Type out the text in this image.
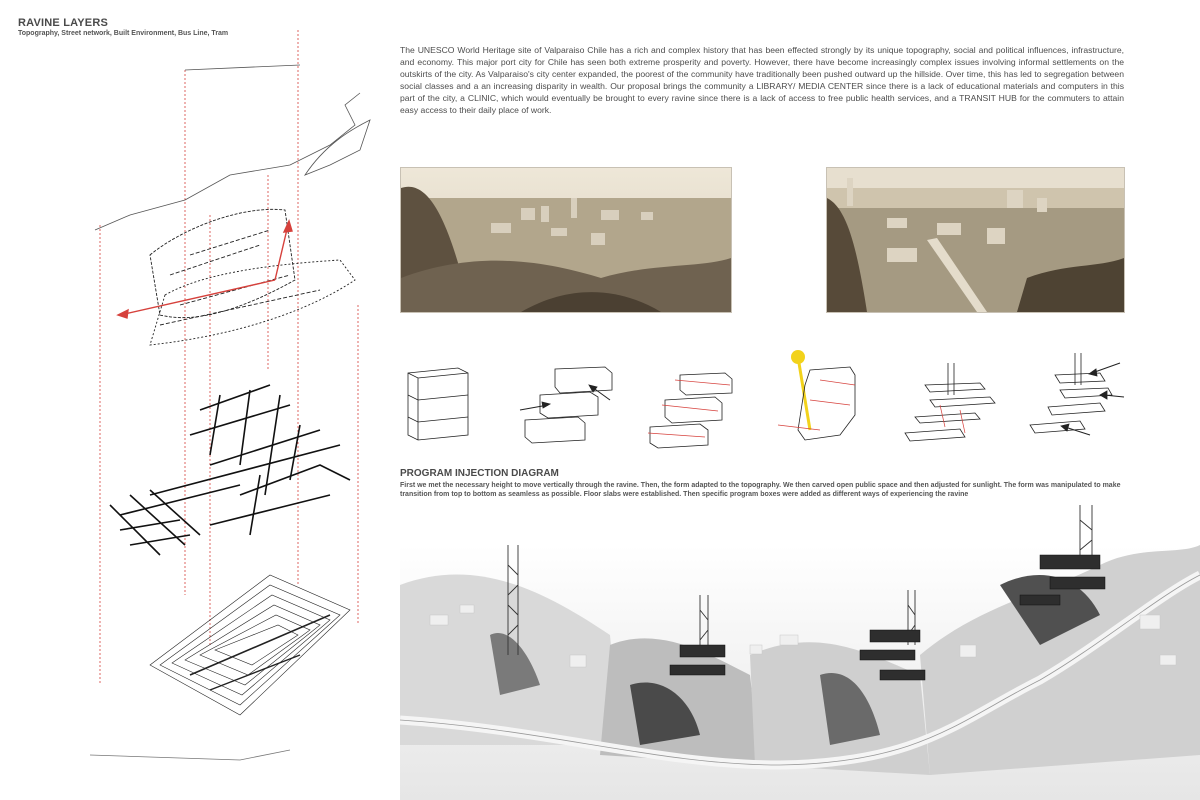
RAVINE LAYERS
Topography, Street network, Built Environment, Bus Line, Tram
The UNESCO World Heritage site of Valparaiso Chile has a rich and complex history that has been effected strongly by its unique topography, social and political influences, infrastructure, and economy. This major port city for Chile has seen both extreme prosperity and poverty. However, there have become increasingly complex issues involving informal settlements on the outskirts of the city. As Valparaiso's city center expanded, the poorest of the community have traditionally been pushed outward up the hillside. Over time, this has led to segregation between social classes and a an increasing disparity in wealth. Our proposal brings the community a LIBRARY/ MEDIA CENTER since there is a lack of educational materials and computers in this part of the city, a CLINIC, which would eventually be brought to every ravine since there is a lack of access to free public health services, and a TRANSIT HUB for the commuters to attain easy access to their daily place of work.
PROGRAM INJECTION DIAGRAM
First we met the necessary height to move vertically through the ravine. Then, the form adapted to the topography. We then carved open public space and then adjusted for sunlight. The form was manipulated to make transition from top to bottom as seamless as possible. Floor slabs were established. Then specific program boxes were added as different ways of experiencing the ravine
